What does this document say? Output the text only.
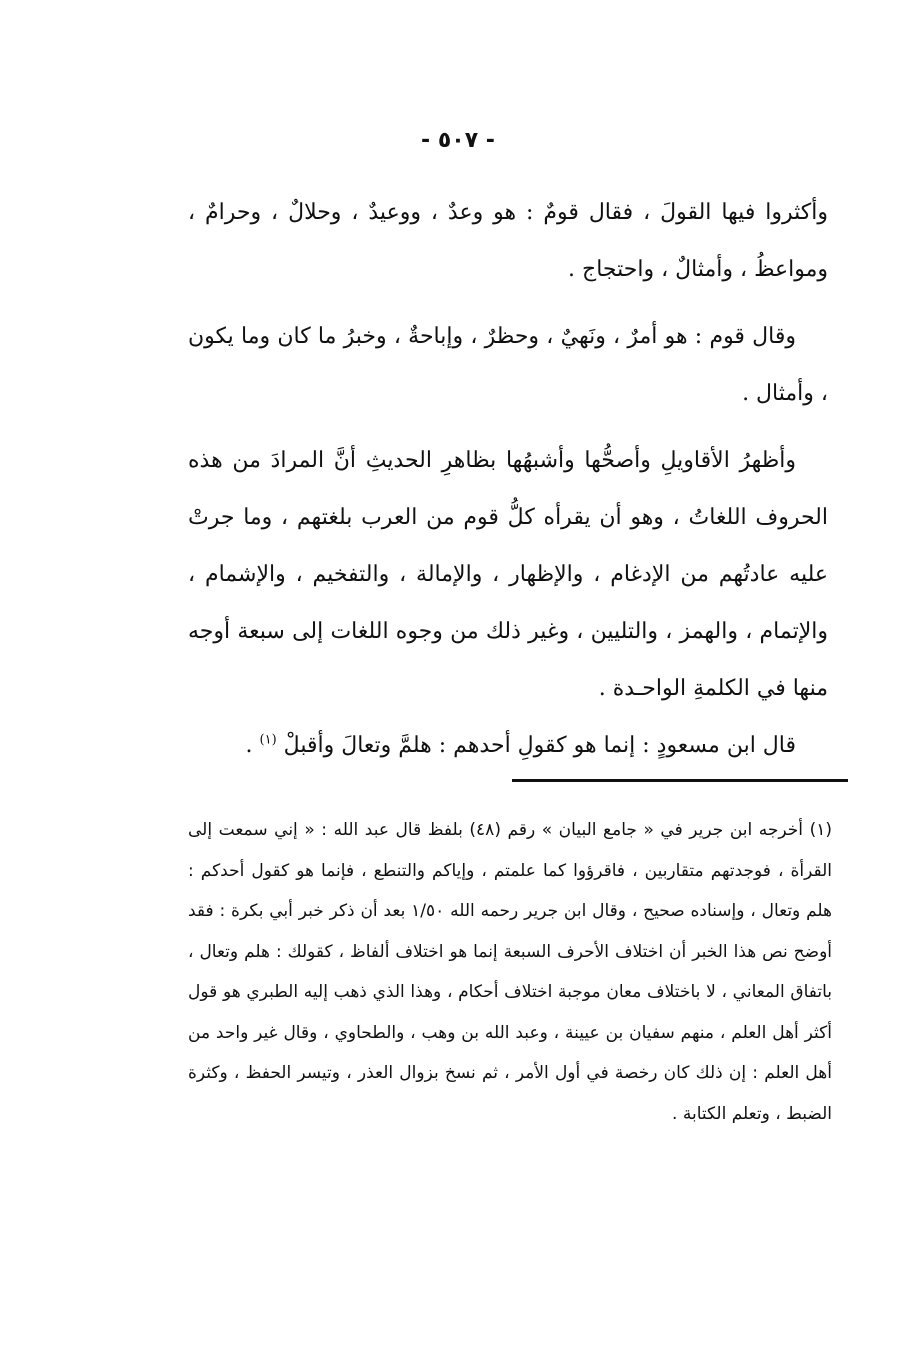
- ٥٠٧ -

وأكثروا فيها القولَ ، فقال قومٌ : هو وعدٌ ، ووعيدٌ ، وحلالٌ ، وحرامٌ ، ومواعظُ ، وأمثالٌ ، واحتجاج .

وقال قوم : هو أمرٌ ، ونَهيٌ ، وحظرٌ ، وإباحةٌ ، وخبرُ ما كان وما يكون ، وأمثال .

وأظهرُ الأقاويلِ وأصحُّها وأشبهُها بظاهرِ الحديثِ أنَّ المرادَ من هذه الحروف اللغاتُ ، وهو أن يقرأه كلُّ قوم من العرب بلغتهم ، وما جرتْ عليه عادتُهم من الإدغام ، والإظهار ، والإمالة ، والتفخيم ، والإشمام ، والإتمام ، والهمز ، والتليين ، وغير ذلك من وجوه اللغات إلى سبعة أوجه منها في الكلمةِ الواحـدة .

قال ابن مسعودٍ : إنما هو كقولِ أحدهم : هلمَّ وتعالَ وأقبلْ $^{(١)}$ .

(١) أخرجه ابن جرير في « جامع البيان » رقم (٤٨) بلفظ قال عبد الله : « إني سمعت إلى القرأة ، فوجدتهم متقاربين ، فاقرؤوا كما علمتم ، وإياكم والتنطع ، فإنما هو كقول أحدكم : هلم وتعال ، وإسناده صحيح ، وقال ابن جرير رحمه الله ١/٥٠ بعد أن ذكر خبر أبي بكرة : فقد أوضح نص هذا الخبر أن اختلاف الأحرف السبعة إنما هو اختلاف ألفاظ ، كقولك : هلم وتعال ، باتفاق المعاني ، لا باختلاف معان موجبة اختلاف أحكام ، وهذا الذي ذهب إليه الطبري هو قول أكثر أهل العلم ، منهم سفيان بن عيينة ، وعبد الله بن وهب ، والطحاوي ، وقال غير واحد من أهل العلم : إن ذلك كان رخصة في أول الأمر ، ثم نسخ بزوال العذر ، وتيسر الحفظ ، وكثرة الضبط ، وتعلم الكتابة .
